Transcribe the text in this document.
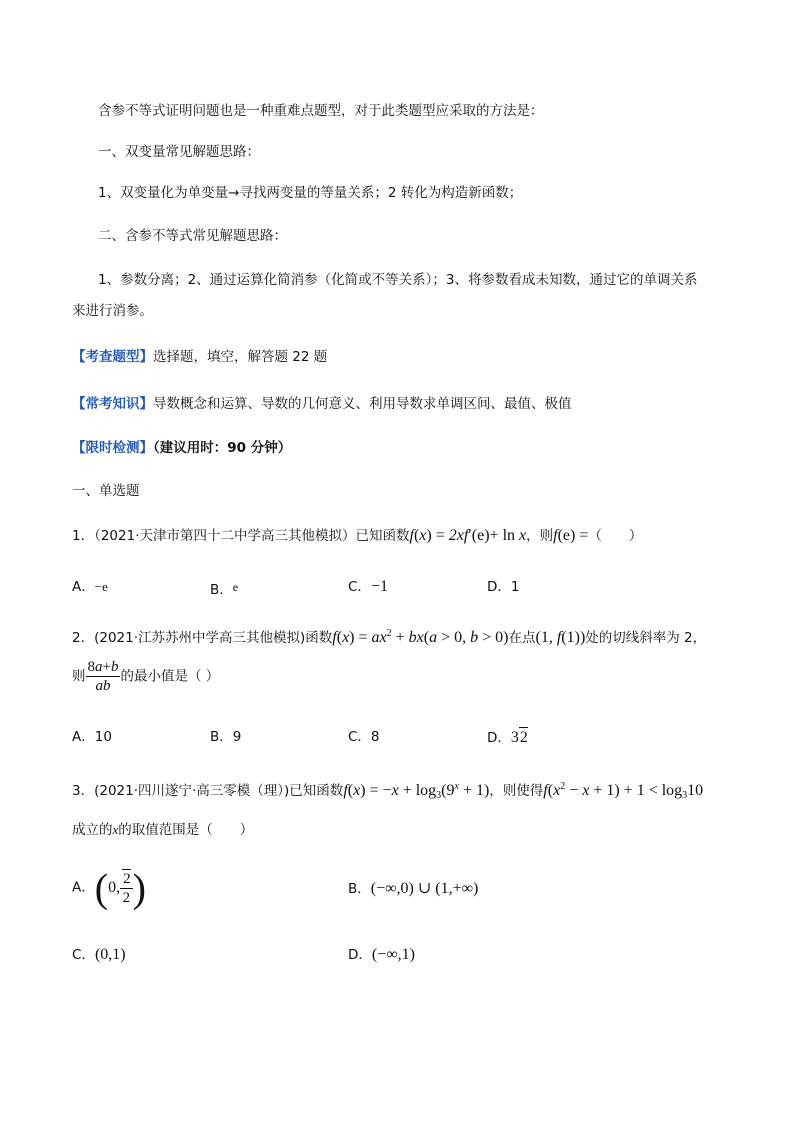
含参不等式证明问题也是一种重难点题型，对于此类题型应采取的方法是：
一、双变量常见解题思路：
1、双变量化为单变量→寻找两变量的等量关系；2 转化为构造新函数；
二、含参不等式常见解题思路：
1、参数分离；2、通过运算化简消参（化简或不等关系）；3、将参数看成未知数，通过它的单调关系
来进行消参。
【考查题型】选择题，填空，解答题 22 题
【常考知识】导数概念和运算、导数的几何意义、利用导数求单调区间、最值、极值
【限时检测】（建议用时：90 分钟）
一、单选题
1．（2021·天津市第四十二中学高三其他模拟）已知函数f(x) = 2xf′(e)+ ln x，则f(e) =（　　）
A．−e	B．e	C．−1	D．1
2．(2021·江苏苏州中学高三其他模拟)函数$f(x) = ax^2 + bx(a > 0$, b > 0)在点(1, f(1))处的切线斜率为 2，
则 $\frac{8a+b}{ab}$ 的最小值是（ ）
A．10	B．9	C．8	D．32
3．(2021·四川遂宁·高三零模（理）)已知函数$f(x) = -x + \log_3(9^x + 1)$，则使得$f(x^2 - x + 1) + 1 < \log_310$
成立的x的取值范围是（　　）
A．(0, $\frac{2}{2}$ )	B．(−∞,0) ∪ (1,+∞)
C．(0,1)	D．(−∞,1)
